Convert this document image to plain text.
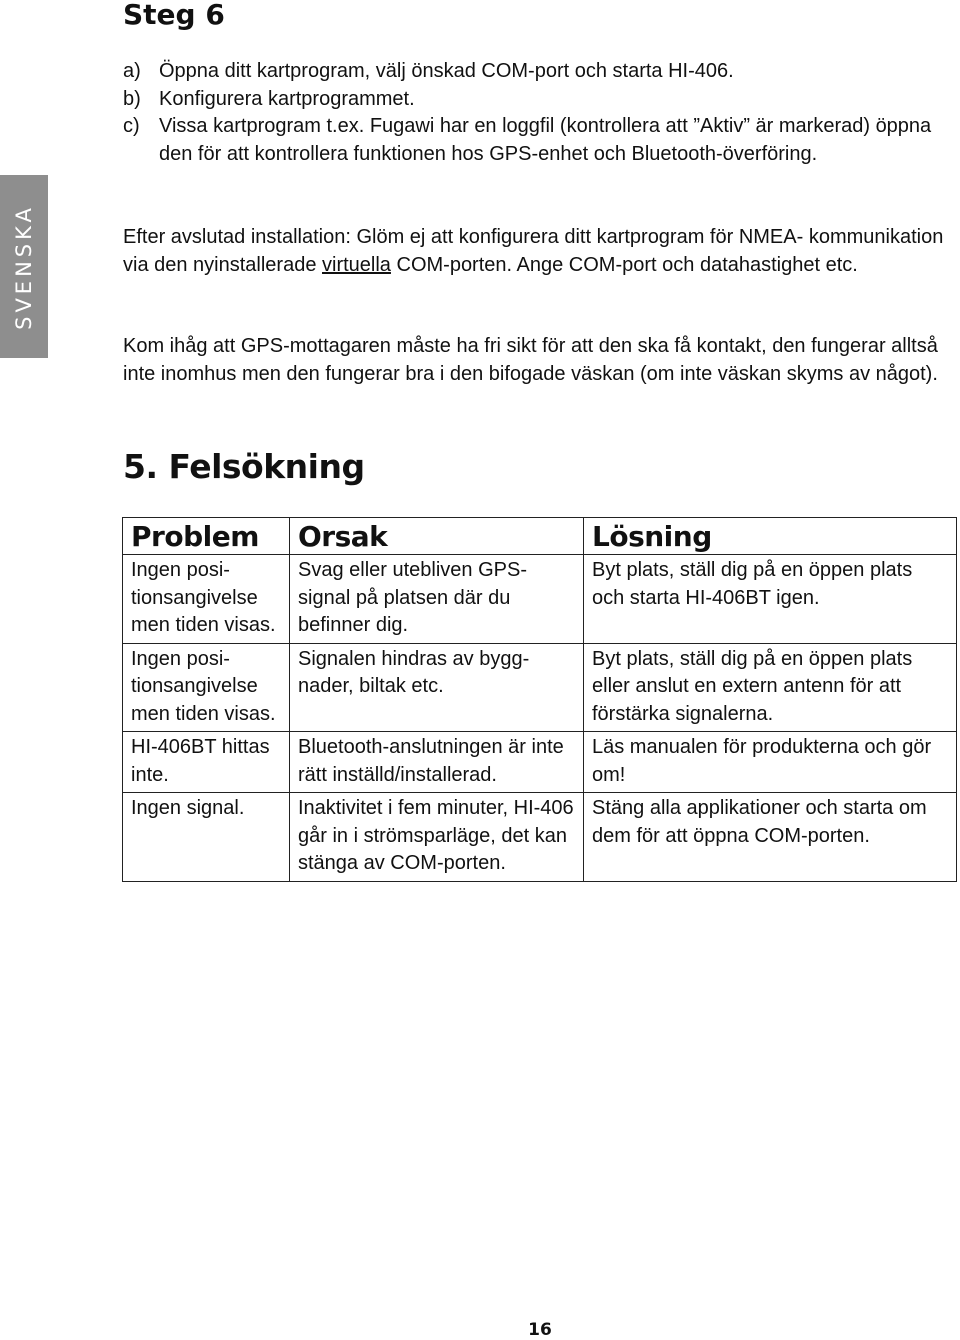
SVENSKA
Steg 6
a) Öppna ditt kartprogram, välj önskad COM-port och starta HI-406.
b) Konfigurera kartprogrammet.
c) Vissa kartprogram t.ex. Fugawi har en loggfil (kontrollera att ”Aktiv” är markerad) öppna den för att kontrollera funktionen hos GPS-enhet och Bluetooth-överföring.

Efter avslutad installation: Glöm ej att konfigurera ditt kartprogram för NMEA- kommunikation via den nyinstallerade virtuella COM-porten. Ange COM-port och datahastighet etc.

Kom ihåg att GPS-mottagaren måste ha fri sikt för att den ska få kontakt, den fungerar alltså inte inomhus men den fungerar bra i den bifogade väskan (om inte väskan skyms av något).

5. Felsökning
Problem	Orsak	Lösning
Ingen positionsangivelse men tiden visas.	Svag eller utebliven GPS-signal på platsen där du befinner dig.	Byt plats, ställ dig på en öppen plats och starta HI-406BT igen.
Ingen positionsangivelse men tiden visas.	Signalen hindras av byggnader, biltak etc.	Byt plats, ställ dig på en öppen plats eller anslut en extern antenn för att förstärka signalerna.
HI-406BT hittas inte.	Bluetooth-anslutningen är inte rätt inställd/installerad.	Läs manualen för produkterna och gör om!
Ingen signal.	Inaktivitet i fem minuter, HI-406 går in i strömsparläge, det kan stänga av COM-porten.	Stäng alla applikationer och starta om dem för att öppna COM-porten.
16
